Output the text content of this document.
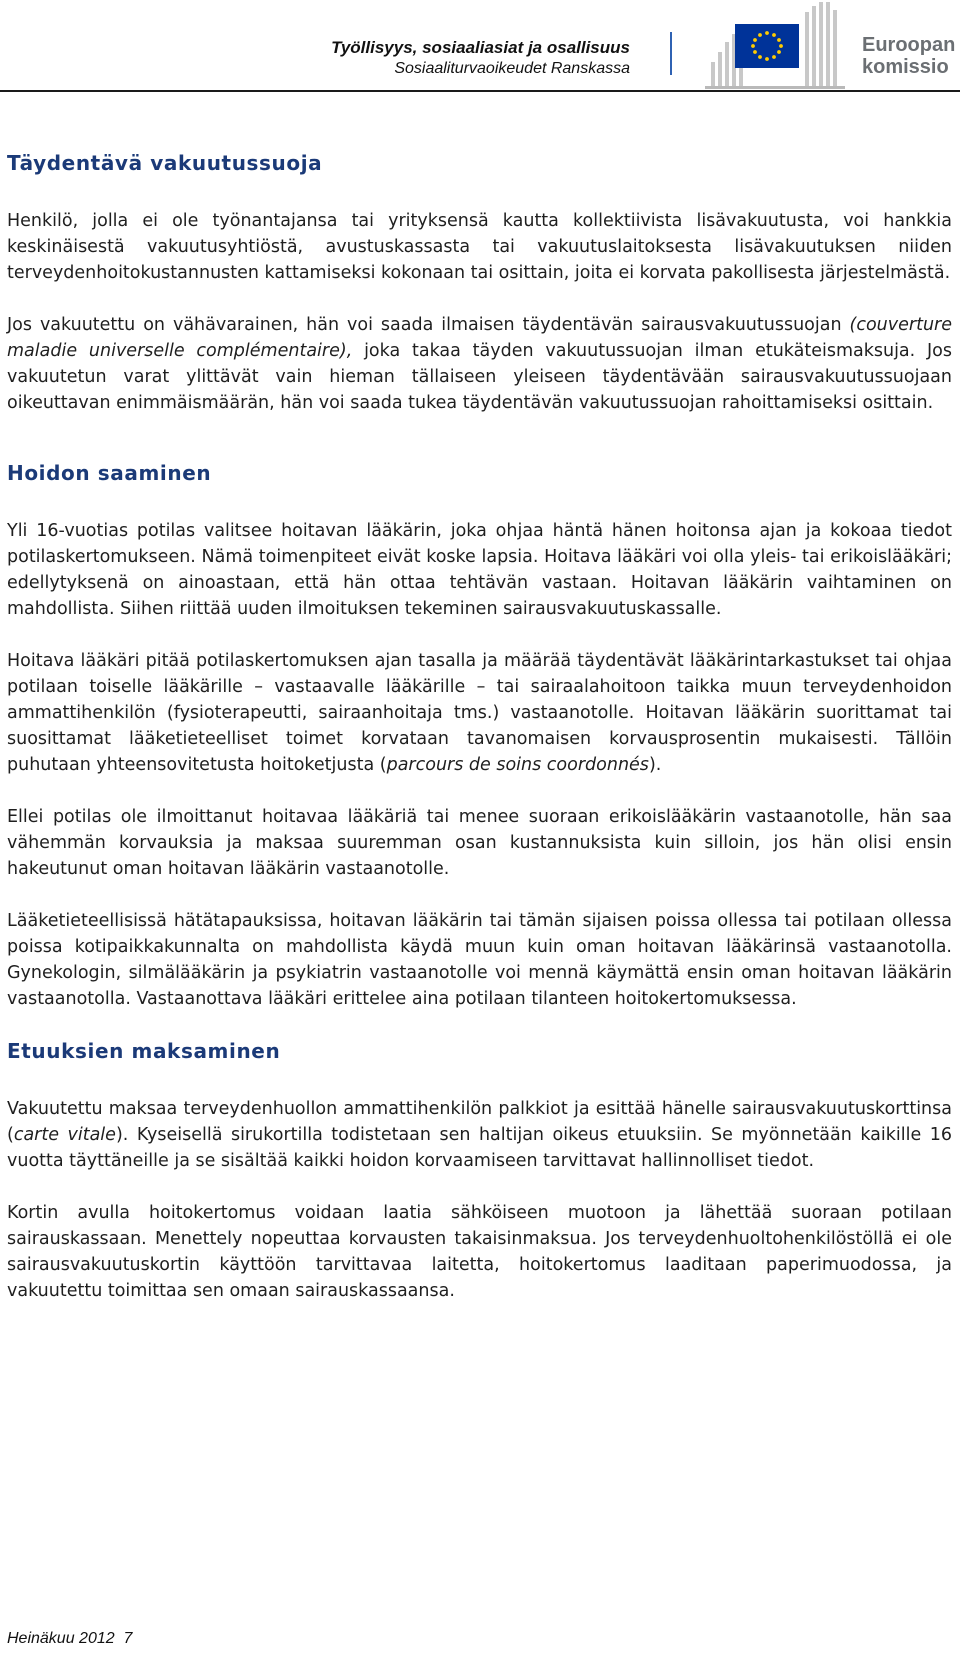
Työllisyys, sosiaaliasiat ja osallisuus
Sosiaaliturvaoikeudet Ranskassa
Euroopan
komissio
Täydentävä vakuutussuoja

Henkilö, jolla ei ole työnantajansa tai yrityksensä kautta kollektiivista lisävakuutusta, voi hankkia keskinäisestä vakuutusyhtiöstä, avustuskassasta tai vakuutuslaitoksesta lisävakuutuksen niiden terveydenhoitokustannusten kattamiseksi kokonaan tai osittain, joita ei korvata pakollisesta järjestelmästä.

Jos vakuutettu on vähävarainen, hän voi saada ilmaisen täydentävän sairausvakuutussuojan (couverture maladie universelle complémentaire), joka takaa täyden vakuutussuojan ilman etukäteismaksuja. Jos vakuutetun varat ylittävät vain hieman tällaiseen yleiseen täydentävään sairausvakuutussuojaan oikeuttavan enimmäismäärän, hän voi saada tukea täydentävän vakuutussuojan rahoittamiseksi osittain.

Hoidon saaminen

Yli 16-vuotias potilas valitsee hoitavan lääkärin, joka ohjaa häntä hänen hoitonsa ajan ja kokoaa tiedot potilaskertomukseen. Nämä toimenpiteet eivät koske lapsia. Hoitava lääkäri voi olla yleis- tai erikoislääkäri; edellytyksenä on ainoastaan, että hän ottaa tehtävän vastaan. Hoitavan lääkärin vaihtaminen on mahdollista. Siihen riittää uuden ilmoituksen tekeminen sairausvakuutuskassalle.

Hoitava lääkäri pitää potilaskertomuksen ajan tasalla ja määrää täydentävät lääkärintarkastukset tai ohjaa potilaan toiselle lääkärille – vastaavalle lääkärille – tai sairaalahoitoon taikka muun terveydenhoidon ammattihenkilön (fysioterapeutti, sairaanhoitaja tms.) vastaanotolle. Hoitavan lääkärin suorittamat tai suosittamat lääketieteelliset toimet korvataan tavanomaisen korvausprosentin mukaisesti. Tällöin puhutaan yhteensovitetusta hoitoketjusta (parcours de soins coordonnés).

Ellei potilas ole ilmoittanut hoitavaa lääkäriä tai menee suoraan erikoislääkärin vastaanotolle, hän saa vähemmän korvauksia ja maksaa suuremman osan kustannuksista kuin silloin, jos hän olisi ensin hakeutunut oman hoitavan lääkärin vastaanotolle.

Lääketieteellisissä hätätapauksissa, hoitavan lääkärin tai tämän sijaisen poissa ollessa tai potilaan ollessa poissa kotipaikkakunnalta on mahdollista käydä muun kuin oman hoitavan lääkärinsä vastaanotolla. Gynekologin, silmälääkärin ja psykiatrin vastaanotolle voi mennä käymättä ensin oman hoitavan lääkärin vastaanotolla. Vastaanottava lääkäri erittelee aina potilaan tilanteen hoitokertomuksessa.

Etuuksien maksaminen

Vakuutettu maksaa terveydenhuollon ammattihenkilön palkkiot ja esittää hänelle sairausvakuutuskorttinsa (carte vitale). Kyseisellä sirukortilla todistetaan sen haltijan oikeus etuuksiin. Se myönnetään kaikille 16 vuotta täyttäneille ja se sisältää kaikki hoidon korvaamiseen tarvittavat hallinnolliset tiedot.

Kortin avulla hoitokertomus voidaan laatia sähköiseen muotoon ja lähettää suoraan potilaan sairauskassaan. Menettely nopeuttaa korvausten takaisinmaksua. Jos terveydenhuoltohenkilöstöllä ei ole sairausvakuutuskortin käyttöön tarvittavaa laitetta, hoitokertomus laaditaan paperimuodossa, ja vakuutettu toimittaa sen omaan sairauskassaansa.

Heinäkuu 2012 7
